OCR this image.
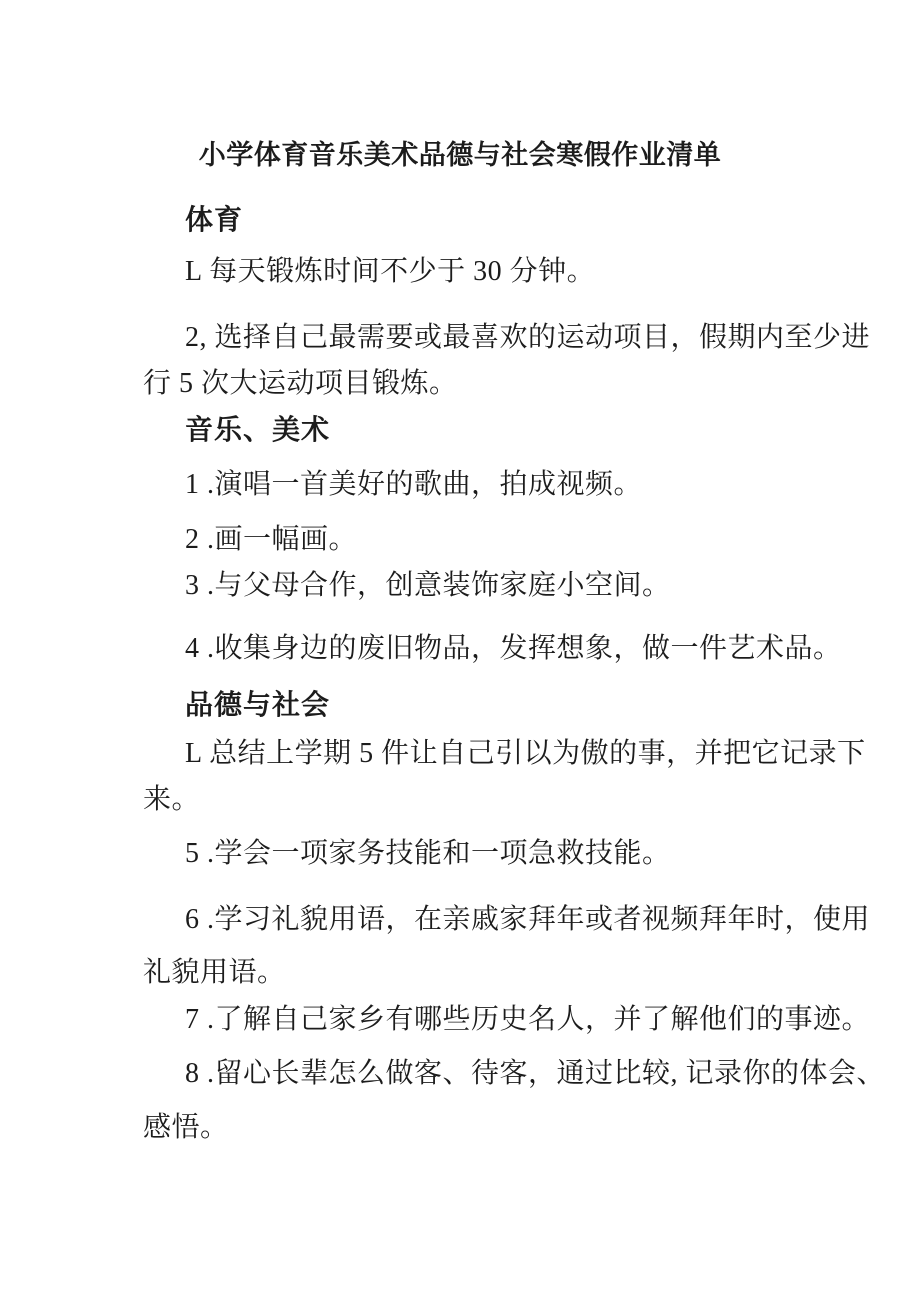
小学体育音乐美术品德与社会寒假作业清单
体育
L 每天锻炼时间不少于 30 分钟。
2, 选择自己最需要或最喜欢的运动项目，假期内至少进
行 5 次大运动项目锻炼。
音乐、美术
1 .演唱一首美好的歌曲，拍成视频。
2 .画一幅画。
3 .与父母合作，创意装饰家庭小空间。
4 .收集身边的废旧物品，发挥想象，做一件艺术品。
品德与社会
L 总结上学期 5 件让自己引以为傲的事，并把它记录下
来。
5 .学会一项家务技能和一项急救技能。
6 .学习礼貌用语，在亲戚家拜年或者视频拜年时，使用
礼貌用语。
7 .了解自己家乡有哪些历史名人，并了解他们的事迹。
8 .留心长辈怎么做客、待客，通过比较, 记录你的体会、
感悟。
